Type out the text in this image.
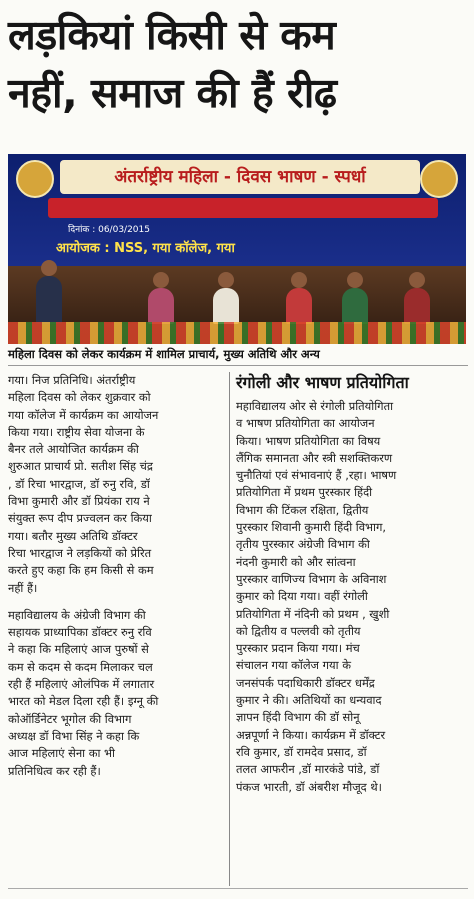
लड़कियां किसी से कम
नहीं, समाज की हैं रीढ़
अंतर्राष्ट्रीय महिला - दिवस भाषण - स्पर्धा
दिनांक : 06/03/2015
आयोजक : NSS, गया कॉलेज, गया
महिला दिवस को लेकर कार्यक्रम में शामिल प्राचार्य, मुख्य अतिथि और अन्य

गया। निज प्रतिनिधि। अंतर्राष्ट्रीय

महिला दिवस को लेकर शुक्रवार को

गया कॉलेज में कार्यक्रम का आयोजन

किया गया। राष्ट्रीय सेवा योजना के

बैनर तले आयोजित कार्यक्रम की

शुरुआत प्राचार्य प्रो. सतीश सिंह चंद्र

, डॉ रिचा भारद्वाज, डॉ रुनु रवि, डॉ

विभा कुमारी और डॉ प्रियंका राय ने

संयुक्त रूप दीप प्रज्वलन कर किया

गया। बतौर मुख्य अतिथि डॉक्टर

रिचा भारद्वाज ने लड़कियों को प्रेरित

करते हुए कहा कि हम किसी से कम

नहीं हैं।

महाविद्यालय के अंग्रेजी विभाग की

सहायक प्राध्यापिका डॉक्टर रुनु रवि

ने कहा कि महिलाएं आज पुरुषों से

कम से कदम से कदम मिलाकर चल

रही हैं महिलाएं ओलंपिक में लगातार

भारत को मेडल दिला रही हैं। इग्नू की

कोऑर्डिनेटर भूगोल की विभाग

अध्यक्ष डॉ विभा सिंह ने कहा कि

आज महिलाएं सेना का भी

प्रतिनिधित्व कर रही हैं।

रंगोली और भाषण प्रतियोगिता

महाविद्यालय ओर से रंगोली प्रतियोगिता

व भाषण प्रतियोगिता का आयोजन

किया। भाषण प्रतियोगिता का विषय

लैंगिक समानता और स्त्री सशक्तिकरण

चुनौतियां एवं संभावनाएं हैं ,रहा। भाषण

प्रतियोगिता में प्रथम पुरस्कार हिंदी

विभाग की टिंकल रक्षिता, द्वितीय

पुरस्कार शिवानी कुमारी हिंदी विभाग,

तृतीय पुरस्कार अंग्रेजी विभाग की

नंदनी कुमारी को और सांत्वना

पुरस्कार वाणिज्य विभाग के अविनाश

कुमार को दिया गया। वहीं रंगोली

प्रतियोगिता में नंदिनी को प्रथम , खुशी

को द्वितीय व पल्लवी को तृतीय

पुरस्कार प्रदान किया गया। मंच

संचालन गया कॉलेज गया के

जनसंपर्क पदाधिकारी डॉक्टर धर्मेंद्र

कुमार ने की। अतिथियों का धन्यवाद

ज्ञापन हिंदी विभाग की डॉ सोनू

अन्नपूर्णा ने किया। कार्यक्रम में डॉक्टर

रवि कुमार, डॉ रामदेव प्रसाद, डॉ

तलत आफरीन ,डॉ मारकंडे पांडे, डॉ

पंकज भारती, डॉ अंबरीश मौजूद थे।
